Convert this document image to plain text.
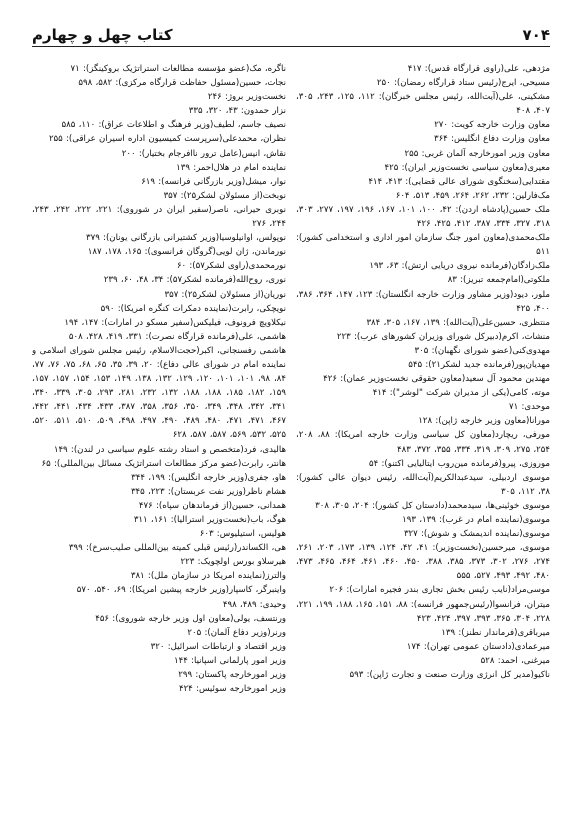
۷۰۴
کتاب چهل و چهارم

مژدهی، علی(راوی قرارگاه قدس): ۴۱۷

مسیحی، ایرج(رئیس ستاد قرارگاه رمضان): ۲۵۰

مشکینی، علی(آیت‌الله، رئیس مجلس خبرگان): ۱۱۲، ۱۲۵، ۲۴۳، ۳۰۵، ۴۰۷، ۴۰۸

معاون وزارت خارجه کویت: ۲۷۰

معاون وزارت دفاع انگلیس: ۳۶۴

معاون وزیر امورخارجه آلمان غربی: ۲۵۵

معیری(معاون سیاسی نخست‌وزیر ایران): ۴۲۵

مقتدایی(سخنگوی شورای عالی قضایی): ۴۱۳، ۴۱۴

مک‌فارلین: ۲۳۲، ۲۶۲، ۲۶۴، ۴۵۹، ۵۱۳، ۶۰۴

ملک حسین(پادشاه اردن): ۴۲، ۱۰۰، ۱۰۱، ۱۶۷، ۱۹۶، ۱۹۷، ۲۷۷، ۳۰۳، ۳۱۸، ۳۲۷، ۳۳۴، ۳۸۷، ۴۱۲، ۴۲۵، ۴۲۶

ملک‌محمدی(معاون امور جنگ سازمان امور اداری و استخدامی کشور): ۵۱۱

ملک‌زادگان(فرمانده نیروی دریایی ارتش): ۶۳، ۱۹۳

ملکوتی(امام‌جمعه تبریز): ۸۳

ملور، دیود(وزیر مشاور وزارت خارجه انگلستان): ۱۲۳، ۱۴۷، ۳۶۴، ۳۸۶، ۴۰۰، ۴۲۵

منتظری، حسین‌علی(آیت‌الله): ۱۳۹، ۱۶۷، ۳۰۵، ۳۸۴

منشات، اکرم(دبیرکل شورای وزیران کشورهای عرب): ۲۲۳

مهدوی‌کنی(عضو شورای نگهبان): ۳۰۵

مهدیان‌پور(فرمانده جدید لشکر۲۱): ۵۴۵

مهندین محمود آل سعید(معاون حقوقی نخست‌وزیر عمان): ۴۲۶

موته، کامی(یکی از مدیران شرکت "لوشر"): ۴۱۴

موحدی: ۷۱

مورانا(معاون وزیر خارجه ژاپن): ۱۲۸

مورفی، ریچارد(معاون کل سیاسی وزارت خارجه امریکا): ۸۸، ۲۰۸، ۲۵۴، ۲۷۵، ۳۰۹، ۳۱۹، ۳۳۴، ۳۵۵، ۳۷۲، ۴۸۳

موروزی، پیرو(فرمانده مین‌روب ایتالیایی اکتنو): ۵۴

موسوی اردبیلی، سیدعبدالکریم(آیت‌الله، رئیس دیوان عالی کشور): ۳۸، ۱۱۲، ۳۰۵

موسوی خوئینی‌ها، سیدمحمد(دادستان کل کشور): ۲۰۴، ۳۰۵، ۳۰۸

موسوی(نماینده امام در غرب): ۱۳۹، ۱۹۳

موسوی(نماینده اندیمشک و شوش): ۳۲۷

موسوی، میرحسین(نخست‌وزیر): ۴۱، ۴۲، ۱۲۴، ۱۳۹، ۱۷۳، ۲۰۳، ۲۶۱، ۲۷۴، ۲۷۶، ۳۰۲، ۳۷۳، ۳۸۵، ۳۸۸، ۴۵۰، ۴۶۰، ۴۶۱، ۴۶۴، ۴۶۵، ۴۷۳، ۴۸۰، ۴۹۲، ۴۹۳، ۵۲۷، ۵۵۵

موسی‌مراد(نایب رئیس بخش تجاری بندر فجیره امارات): ۲۰۶

میتران، فرانسوا(رئیس‌جمهور فرانسه): ۸۸، ۱۵۱، ۱۶۵، ۱۸۸، ۱۹۹، ۲۲۱، ۲۲۸، ۳۰۴، ۳۶۵، ۳۹۳، ۳۹۷، ۴۲۴، ۴۲۳

میرباقری(فرماندار نطنز): ۱۳۹

میرعمادی(دادستان عمومی تهران): ۱۷۴

میرغنی، احمد: ۵۲۸

ناکیو(مدیر کل انرژی وزارت صنعت و تجارت ژاپن): ۵۹۳

ناگره، مک(عضو مؤسسه مطالعات استراتژیک بروکینگز): ۷۱

نجات، حسین(مسئول حفاظت قرارگاه مرکزی): ۵۸۲، ۵۹۸

نخست‌وزیر بروژ: ۲۴۶

نزار حمدون: ۴۳، ۳۲۰، ۳۳۵

نصیف جاسم، لطیف(وزیر فرهنگ و اطلاعات عراق): ۱۱۰، ۵۸۵

نظران، محمدعلی(سرپرست کمیسیون اداره اسیران عراقی): ۲۵۵

نقاش، انیس(عامل ترور ناافرجام بختیار): ۲۰۰

نماینده امام در هلال‌احمر: ۱۳۹

نوار، میشل(وزیر بازرگانی فرانسه): ۶۱۹

نوبخت(از مسئولان لشکر۲۵): ۳۵۷

نوبری حیرانی، ناصر(سفیر ایران در شوروی): ۲۲۱، ۲۲۲، ۲۴۲، ۲۴۳، ۲۴۴، ۲۷۶

نوپولس، اوانیلوسیا(وزیر کشتیرانی بازرگانی یونان): ۳۷۹

نورماندن، ژان لویی(گروگان فرانسوی): ۱۶۵، ۱۷۸، ۱۸۷

نورمحمدی(راوی لشکر۵۷): ۶۰

نوری، روح‌الله(فرمانده لشکر۵۷): ۳۴، ۴۸، ۶۰، ۲۳۹

نوریان(از مسئولان لشکر۲۵): ۳۵۷

نویچکی، رابرت(نماینده دمکرات کنگره امریکا): ۵۹۰

نیکلاویچ فرونوف، فیلیکس(سفیر مسکو در امارات): ۱۴۷، ۱۹۴

هاشمی، علی(فرمانده قرارگاه نصرت): ۳۳۱، ۴۱۹، ۴۲۸، ۵۰۸

هاشمی رفسنجانی، اکبر(حجت‌الاسلام، رئیس مجلس شورای اسلامی و نماینده امام در شورای عالی دفاع): ۲۰، ۳۹، ۳۵، ۶۵، ۶۸، ۷۵، ۷۶، ۷۷، ۸۴، ۹۸، ۱۰۱، ۱۰۱، ۱۲۰، ۱۲۹، ۱۳۲، ۱۳۸، ۱۴۹، ۱۵۳، ۱۵۴، ۱۵۷، ۱۵۷، ۱۵۹، ۱۸۲، ۱۸۵، ۱۸۸، ۱۸۸، ۱۳۲، ۲۳۲، ۲۸۱، ۲۹۳، ۳۰۵، ۳۳۹، ۳۴۰، ۳۴۱، ۳۴۲، ۳۴۸، ۳۴۹، ۳۵۰، ۳۵۶، ۳۵۸، ۳۸۷، ۴۳۳، ۴۳۴، ۴۴۱، ۴۴۲، ۴۶۷، ۴۷۱، ۴۷۱، ۴۸۰، ۴۸۹، ۴۹۰، ۴۹۷، ۴۹۸، ۵۰۹، ۵۱۰، ۵۱۱، ۵۲۰، ۵۲۵، ۵۳۲، ۵۶۹، ۵۸۷، ۵۸۷، ۶۲۸

هالیدی، فرد(متخصص و استاد رشته علوم سیاسی در لندن): ۱۴۹

هانتر، رابرت(عضو مرکز مطالعات استراتژیک مسائل بین‌المللی): ۶۵

هاو، جفری(وزیر خارجه انگلیس): ۱۹۹، ۳۴۴

هشام ناظر(وزیر نفت عربستان): ۲۲۳، ۳۴۵

همدانی، حسین(از فرماندهان سپاه): ۴۷۶

هوگ، باب(نخست‌وزیر استرالیا): ۱۶۱، ۳۱۱

هولیس، استیلیوس: ۶۰۳

هی، الکساندر(رئیس قبلی کمیته بین‌المللی صلیب‌سرخ): ۳۹۹

هیرسلاو بورس اولچویک: ۲۲۳

والترز(نماینده امریکا در سازمان ملل): ۳۸۱

واینبرگر، کاسپار(وزیر خارجه پیشین امریکا): ۶۹، ۵۴۰، ۵۷۰

وحیدی: ۴۸۹، ۴۹۸

ورنتسف، یولی(معاون اول وزیر خارجه شوروی): ۴۵۶

ورنر(وزیر دفاع آلمان): ۲۰۵

وزیر اقتصاد و ارتباطات اسرائیل: ۳۲۰

وزیر امور پارلمانی اسپانیا: ۱۴۴

وزیر امورخارجه پاکستان: ۲۹۹

وزیر امورخارجه سوئیس: ۴۲۴
